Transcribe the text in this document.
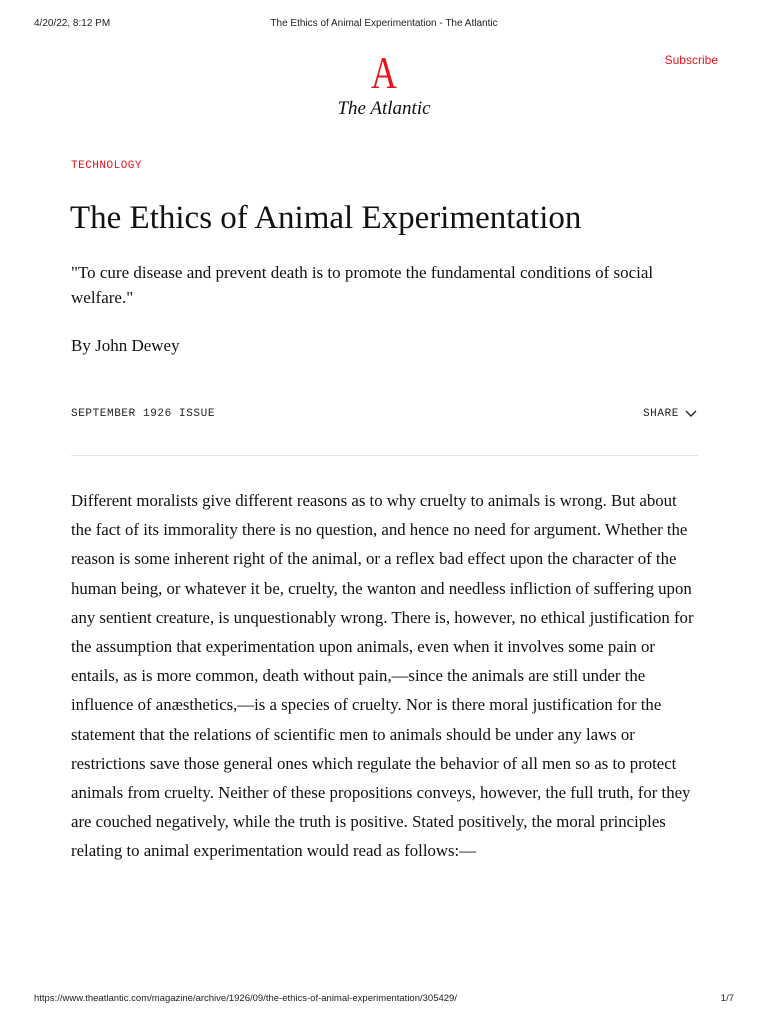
4/20/22, 8:12 PM	The Ethics of Animal Experimentation - The Atlantic
Subscribe
A
The Atlantic
TECHNOLOGY
The Ethics of Animal Experimentation

"To cure disease and prevent death is to promote the fundamental conditions of social welfare."

By John Dewey
SEPTEMBER 1926 ISSUE	SHARE

Different moralists give different reasons as to why cruelty to animals is wrong. But about the fact of its immorality there is no question, and hence no need for argument. Whether the reason is some inherent right of the animal, or a reflex bad effect upon the character of the human being, or whatever it be, cruelty, the wanton and needless infliction of suffering upon any sentient creature, is unquestionably wrong. There is, however, no ethical justification for the assumption that experimentation upon animals, even when it involves some pain or entails, as is more common, death without pain,—since the animals are still under the influence of anæsthetics,—is a species of cruelty. Nor is there moral justification for the statement that the relations of scientific men to animals should be under any laws or restrictions save those general ones which regulate the behavior of all men so as to protect animals from cruelty. Neither of these propositions conveys, however, the full truth, for they are couched negatively, while the truth is positive. Stated positively, the moral principles relating to animal experimentation would read as follows:—

https://www.theatlantic.com/magazine/archive/1926/09/the-ethics-of-animal-experimentation/305429/	1/7
